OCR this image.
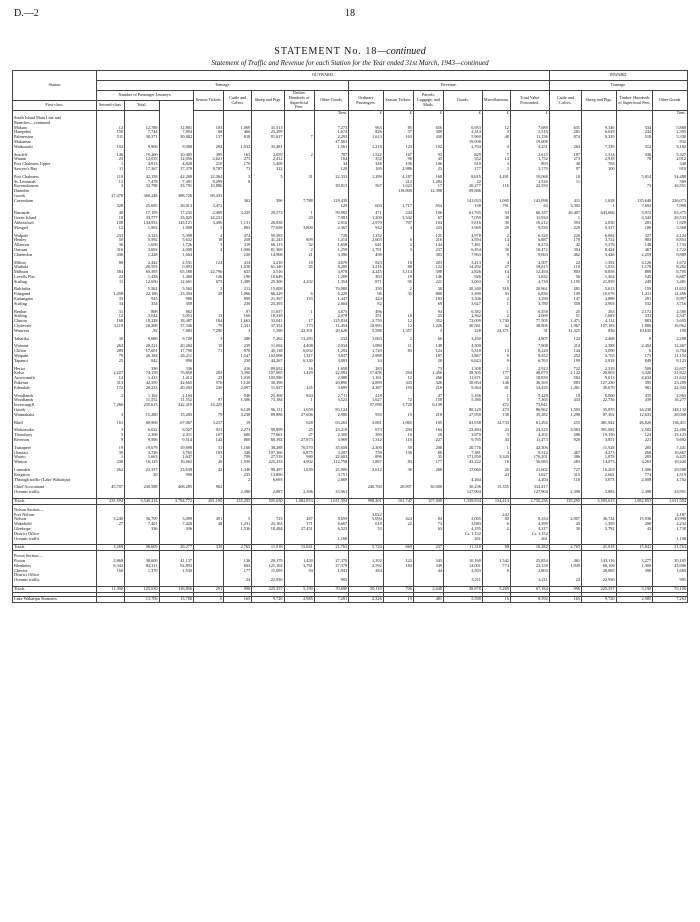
D.—2	18
STATEMENT No. 18—continued
Statement of Traffic and Revenue for each Station for the Year ended 31st March, 1943—continued
Station	OUTWARD.														INWARD.			
	Tonnage.								Revenue.						Tonnage.			
	Number of Passenger Journeys.			Season Tickets.	Cattle and Calves.	Sheep and Pigs.	Timber. Hundreds of Superficial Feet.	Other Goods.	Ordinary Passengers.	Season Tickets.	Parcels, Luggage, and Mails.	Goods.	Miscellaneous.	Total Value Forwarded.	Cattle and Calves.	Sheep and Pigs.	Timber. Hundreds of Superficial Feet.	Other Goods.
First-class.	Second-class.	Total.																
								Tons.	£	£	£	£	£	£				Tons.
South Island Main Line and																		
Branches—continued																		
Makaro	12	12,789	12,801	103	1,069	31,313		7,273	963	85	656	6,953	12	7,689	631	9,346	334	5,868
Hampden	150	7,744	7,894	68	466	23,299		1,674	826	37	309	2,314	3	3,516	281	6,029	244	2,395
Palmerston	511	30,371	30,882	137	818	81,617	7	2,293	1,613	163	430	5,960	48	11,156	874	8,329	518	5,330
Makareao								47,563				19,008		19,008				832
Waikouaiti	102	9,906	9,008	204	1,032	35,481		1,561	1,218	123	102	2,704	4	4,251	263	7,339	312	3,182

Seacliff	146	10,260	10,405	395	163	3,659	2	787	1,522	167	93	829	7	2,615	187	1,514	336	5,327
Waitati	23	12,033	12,056	2,621	273	2,412		164	352	90	43	352	14	1,752	273	2,918	78	2,012
Port Chalmers Upper	1	4,813	4,828	210	170	1,409		34	348	106	106	618	3	893	40	763		340
Sawyer's Bay	11	17,367	17,378	8,787	73	322		128	169	2,986	23	177	3	3,170	97	100		918

Port Chalmers	110	42,158	42,268	22,364	3	5	31	22,333	1,299	4,187	168	8,615	4,491	19,068	10		5,814	54,488
St. Leonards	13	7,478	7,491	8,299	8					212	1,282	22		1,520	11			509
Ravensbourne	3	33,788	33,791	10,886				39,913	567	1,623	17	20,277	116	22,550			73	16,551
Dunedin										118,808	12,398	09,686						
Goods	27,478	360,248	388,726	69,433														
Caversham					362	396	7,788	129,439				141,033	1,065	143,098	411	1,628	135,640	226,073
	328	25,685	26,013	3,472				129	604	1,717	654	138	791	63	3,302	1	7,692	7,998

Burnside	40	17,195	17,235	2,469	3,225	20,573	1	59,982	471	244	106	61,765	54	60,337	20,407	643,666	5,072	65,375
Green Island	18	33,777	33,825	24,231			20	7,983	1,200	3,542	67	7,059	38	11,934	1		3,343	26,533
Abbotsford	188	144,933	145,121	3,496	1,131	26,838		2,916	2,970	707	104	5,816	30	10,212	594	2,030	281	1,929
Mosgiel	12	1,902	1,908	5	865	77,658	3,800	2,367	932	4	223	3,969	29	9,530	229	6,337	186	3,368

Walpole	233	3,123	3,398	4	474	59,393		728	1,232		125	4,978	2	6,320	220	6,082	327	4,124
Henley	50	5,592	5,632	18	258	41,243	809	1,414	2,603	6	216	3,594	14	6,887	170	3,722	803	8,853
Allanton	30	1,656	1,726	3	319	66,113	32	1,658	641	2	144	7,461	4	8,274	42	5,376	148	1,733
Outram	316	3,692	4,008	2	1,006	81,369	2	1,259	1,791	3	237	6,454	30	10,472	304	8,424	467	2,722
Clarendon	436	1,228	1,664		230	14,968	21	3,390	498		383	7,963	9	9,063	462	3,426	2,259	9,889

Milton	88	2,442	2,531	124	414	4,410	18	4,670	823	18	203	3,413	4	4,507	22	1,392	4,126	1,672
Waihola		,20,593	0,893		1,010	61,140	45	8,209	3,216	88	122	14,292	27	18,615	110	1,033	1,178	8,282
Milburn	584	65,395	65,588	22,796	633	3,516		4,978	4,245	3,114	398	2,826	14	12,494	803	8,858	808	6,705
Lovells Flat	22	1,438	1,460	146	196	10,649		1,209	303	19	146	926	4	1,632	56	1,362	545	6,887
Stirling	11	12,650	12,661	675	1,389	25,300	4,202	1,354	871	95	221	3,063	3	4,730	1,195	21,959	249	3,481

Balclutha		5,562	5,562	3	213	15,008		76,980	250	2	30	20,340	318	20,961	281	5,613	159	11,652
Finegand	1,208	22,186	23,394	29	1,066	66,229	6	6,229	96	35	888	5,390	33	6,836	109	10,076	1,211	14,496
Kaitangata	35	945	980		899	21,567	153	1,447	224		183	3,306	2	3,290	147	4,888	291	8,997
Stirling	34	354	358		230	25,393		2,604	82		69	3,627	1	3,780	358	2,903	532	3,716

Benhar	31	808	862		97	11,657	1	3,675	496		94	6,382	1	6,358	25	263	2,172	2,580
Stirling	12	3,042	3,053	13	160	10,318		2,078	251	16	25	2,362	2	2,069	51	1,083	333	4,547
Clinton	168	18,328	18,487	184	1,663	33,041	17	125,834	2,750	12	352	72,009	1,730	77,505	1,471	4,112	883	5,695
Clydevale	3,119	20,208	57,336	79	1,341	37,352	173	11,454	10,993	12	1,226	20,561	62	38,806	1,967	107,183	1,886	16,962
Waiwera		,92	7,683	7,290	3	1,390	42,391	20,628	5,588	1,357	3	228	24,371	31	31,325	836	10,635	199

Tahatika	30	9,680	9,720	3	280	7,262	13,283	232	1,063	2	66	3,430		4,907	124	2,468	9	2,298

Wairuna	263	20,221	20,284	19	239	11,692	4,408	2,034	1,080	11	148	4,300		7,908	214	2,388	2,454	12,467
Clifton	289	17,601	17,790	71	878	45,138	6,002	1,292	1,720	83	124	5,318	13	8,220	144	3,090	6	6,704
Waipahi	79	26,184	26,211		1,547	102,008	1,317	3,037	2,998		187	3,867	9	8,452	252	3,705	173	11,154
Tapanui	25	842	890		230	44,267	6,330	3,093	34		20	6,623	9	6,763	199	2,818	849	8,123

Heriot		336	336		416	89,652	16	1,658	283		73	1,308	1	2,922	722	2,319	509	12,657
Kelso	2,227	74,158	76,858	203	3,390	107,065	1,429	22,992	17,858	294	1,456	28,305	177	48,070	2,142	20,003	3,320	31,822
Arrowsmith	12	1,413	1,412	23	1,010	105,580		2,988	1,161	12	266	11,671	22	18,839	584	9,013	4,634	21,632
Pukerau	313	42,350	42,665	576	1,120	30,398		20,890	4,899	343	326	30,654	146	36,369	883	127,230	395	23,209
Edendale	172	20,233	20,393	230	2,097	11,927	235	3,699	4,387	193	218	9,364	81	14,435	1,461	30,670	981	22,302

Woodlands	2	1,162	1,164		946	25,368	844	2,711	218		47	5,166	1	5,428	19	8,000	435	2,963
Woodlands		11,552	11,552	97	1,306	73,184	1	3,523	1,627	72	158	5,380	5	7,365	433	22,736	439	16,277
Invercargill	7,266	235,613	242,419	14,225					57,098	3,729	6,138		472	73,841				
Goods					6,128	96,131	1,659	83,124				80,120	473	86,962	1,593	35,870	34,238	148,132
Waimahaka	3	15,280	15,283	79	3,238	89,886	27,606	2,900	950	19	218	27,950	138	35,282	1,298	87,302	12,633	28,008

Bluff	161	60,906	67,067	3,237	19		628	63,263	3,081	1,065	105	63,938	14,733	61,292	255	481,942	26,820	136,411

Mokomoka	3	6,022	6,027	921	2,273	99,899	25	23,218	673	294	164	23,484	23	23,325	3,063	391,082	2,502	22,486
Thornbury	3	2,308	2,311	107	600	77,661	47	2,300	390	16	28	3,870	3	4,202	286	19,156	124	15,123
Riverton	9	9,506	9,514	142	860	60,392	27,873	3,969	1,312	115	227	9,765	44	11,273	920	3,851	221	9,692

Tuatapere	19	19,679	19,698	31	1,160	38,288	76,570	35,658	2,300	50	208	20,776	1	42,306		11,928	205	7,441
Otautau	39	3,726	3,765	183	348	107,160	6,875	3,287	750	156	80	7,381	3	9,312	467	4,273	268	10,867
Wairio	1	1,663	1,647	3	709	27,518	980	22,003	896		35	171,950	3,320	176,201	386	1,878	205	6,425
Winton	238	16,125	16,663	26	1,930	225,353	4,002	112,758	1,887	83	177	43,222	16	56,083	283	14,073	4,265	19,420

Lumsden	262	23,337	23,639	42	1,348	98,497	1,639	25,900	3,612	30	268	17,060	20	21,602	727	16,203	1,306	29,508
Kingston		30	990		235	13,890		3,751					24	1,627	315	2,662	774	4,519
Through traffic (Lake Wakatipu)					2	6,693		2,669				4,264		4,204	116	3,073	2,008	4,702

Chief Accountant	45,707	230,588	406,285	962					246,760	20,907	30,000	30,236	15,355	332,417				
Oceanic traffic					2,390	2,887	2,396	33,961				127,904		127,904	2,390	2,883	2,398	33,951

Totals	235,594	3,549,214	3,784,772	281,190	135,295	505,650	1,082,853	1,611,504	998,201	101,747	107,000	1,358,834	134,414	2,750,256	135,295	3,505,615	1,082,853	1,611,504

Nelson Section—																		
Port Nelson									3,022				242					2,187
Nelson	3,240	36,709	3,009	491	5	723	287	8,659	5,094	424	84	2,065	80	8,334	2,007	36,724	15,936	10,998
Wakefield	27	7,401	7,428	48	1,231	25,163	171	6,667	618	22	73	3,083	6	4,399	45	1,395	290	2,232
Glenhope		336	336		1,536	18,484	27,451	6,523	53		63	4,195	2	4,317	30	3,792	43	1,738
District Office												Cr. 1,152		Cr. 1,152				
Oceanic traffic								1,168				261		261				1,168

Totals	3,269	36,609	29,277	339	2,765	11,018	15,841	21,763	5,720	669	237	11,318	88	16,282	2,765	41,018	15,841	21,763

Picton Section—																		
Picton	2,868	38,600	41,137		136	20,179	1,430	27,379	1,392	122	343	10,160	1,542	25,854	461	143,116	3,277	30,185
Blenheim	8,342	84,311	92,893		663	121,102	3,761	37,378	2,592	183	349	14,001	774	23,158	1,049	68,106	1,300	25,696
Chevior	160	1,370	1,530		177	11,095	94	1,941	284		44	2,503	8	2,803		28,885	390	1,665
District Office																		
Oceanic traffic					24	22,930		905				3,211		3,211	24	22,930		905

Totals	11,390	125,030	136,806	291	996	225,357	5,190	70,690	20,119	706	2,648	38,878	5,269	67,184	996	225,357	5,190	70,106

Lake Wakatipu Steamers		13,706	13,706	6	165	9,720	2,985	7,281	2,326	19	481	5,590	16	8,592	165	9,720	2,985	7,263
